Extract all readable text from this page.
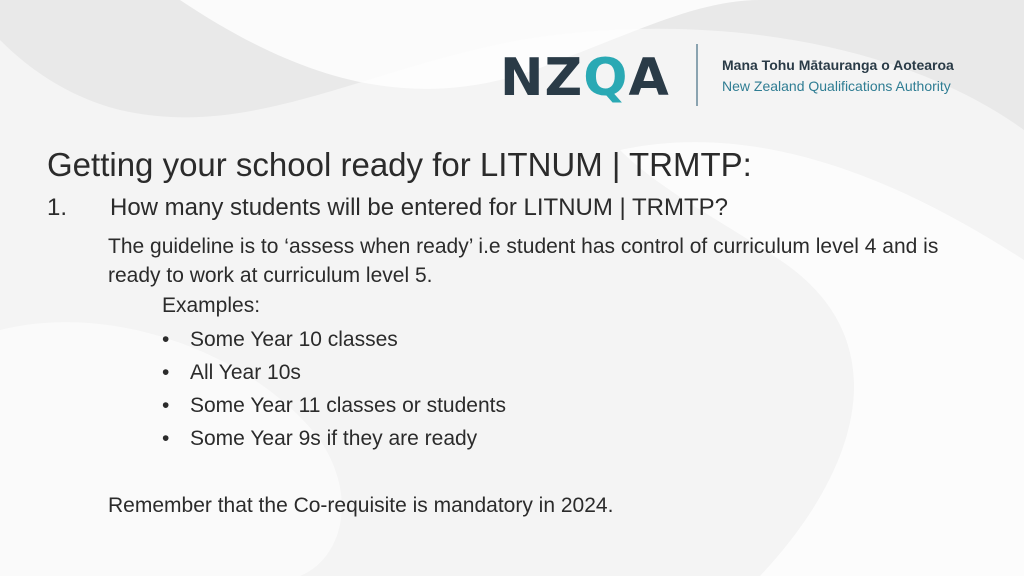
NZQA	Mana Tohu Mātauranga o Aotearoa
New Zealand Qualifications Authority
Getting your school ready for LITNUM | TRMTP:
1. How many students will be entered for LITNUM | TRMTP?
The guideline is to ‘assess when ready’ i.e student has control of curriculum level 4 and is ready to work at curriculum level 5.
Examples:
• Some Year 10 classes
• All Year 10s
• Some Year 11 classes or students
• Some Year 9s if they are ready
Remember that the Co-requisite is mandatory in 2024.
